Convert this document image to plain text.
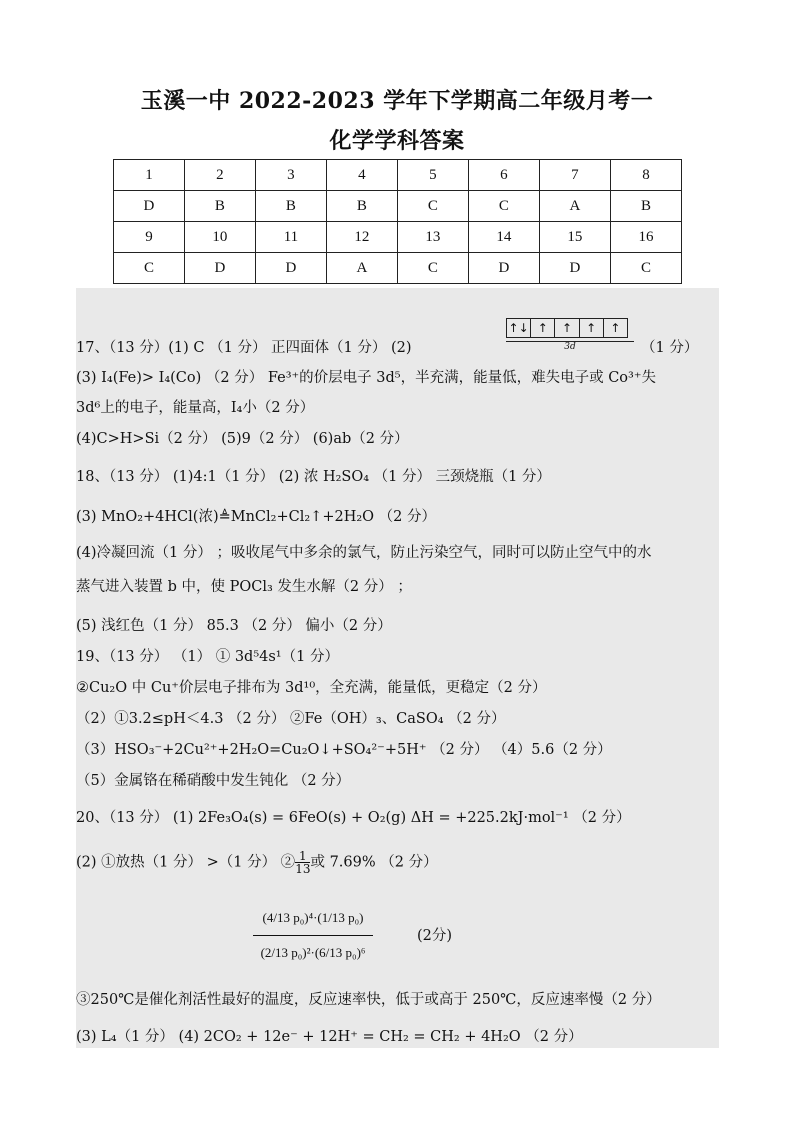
玉溪一中 2022-2023 学年下学期高二年级月考一
化学学科答案
1	2	3	4	5	6	7	8
D	B	B	B	C	C	A	B
9	10	11	12	13	14	15	16
C	D	D	A	C	D	D	C
17、（13 分）(1) C （1 分） 正四面体（1 分） (2)
↑↓ ↑	↑	↑	↑
3d	（1 分）
(3) I₄(Fe)> I₄(Co) （2 分） Fe³⁺的价层电子 3d⁵，半充满，能量低，难失电子或 Co³⁺失
3d⁶上的电子，能量高，I₄小（2 分）
(4)C>H>Si（2 分） (5)9（2 分） (6)ab（2 分）
18、（13 分） (1)4:1（1 分） (2) 浓 H₂SO₄ （1 分） 三颈烧瓶（1 分）
(3) MnO₂+4HCl(浓)≜MnCl₂+Cl₂↑+2H₂O （2 分）
(4)冷凝回流（1 分） ；吸收尾气中多余的氯气，防止污染空气，同时可以防止空气中的水
蒸气进入装置 b 中，使 POCl₃ 发生水解（2 分） ；
(5) 浅红色（1 分） 85.3 （2 分） 偏小（2 分）
19、（13 分） （1） ① 3d⁵4s¹（1 分）
②Cu₂O 中 Cu⁺价层电子排布为 3d¹⁰，全充满，能量低，更稳定（2 分）
（2）①3.2≤pH＜4.3 （2 分） ②Fe（OH）₃、CaSO₄ （2 分）
（3）HSO₃⁻+2Cu²⁺+2H₂O=Cu₂O↓+SO₄²⁻+5H⁺ （2 分） （4）5.6（2 分）
（5）金属铬在稀硝酸中发生钝化 （2 分）
20、（13 分） (1) 2Fe₃O₄(s) = 6FeO(s) + O₂(g) ΔH = +225.2kJ·mol⁻¹ （2 分）
(2) ①放热（1 分） >（1 分） ② $\frac{1}{13}$ 或 7.69% （2 分）
(4/13 p₀)⁴·(1/13 p₀)
(2/13 p₀)²·(6/13 p₀)⁶
(2分)
③250℃是催化剂活性最好的温度，反应速率快，低于或高于 250℃，反应速率慢（2 分）
(3) L₄（1 分） (4) 2CO₂ + 12e⁻ + 12H⁺ = CH₂ = CH₂ + 4H₂O （2 分）
